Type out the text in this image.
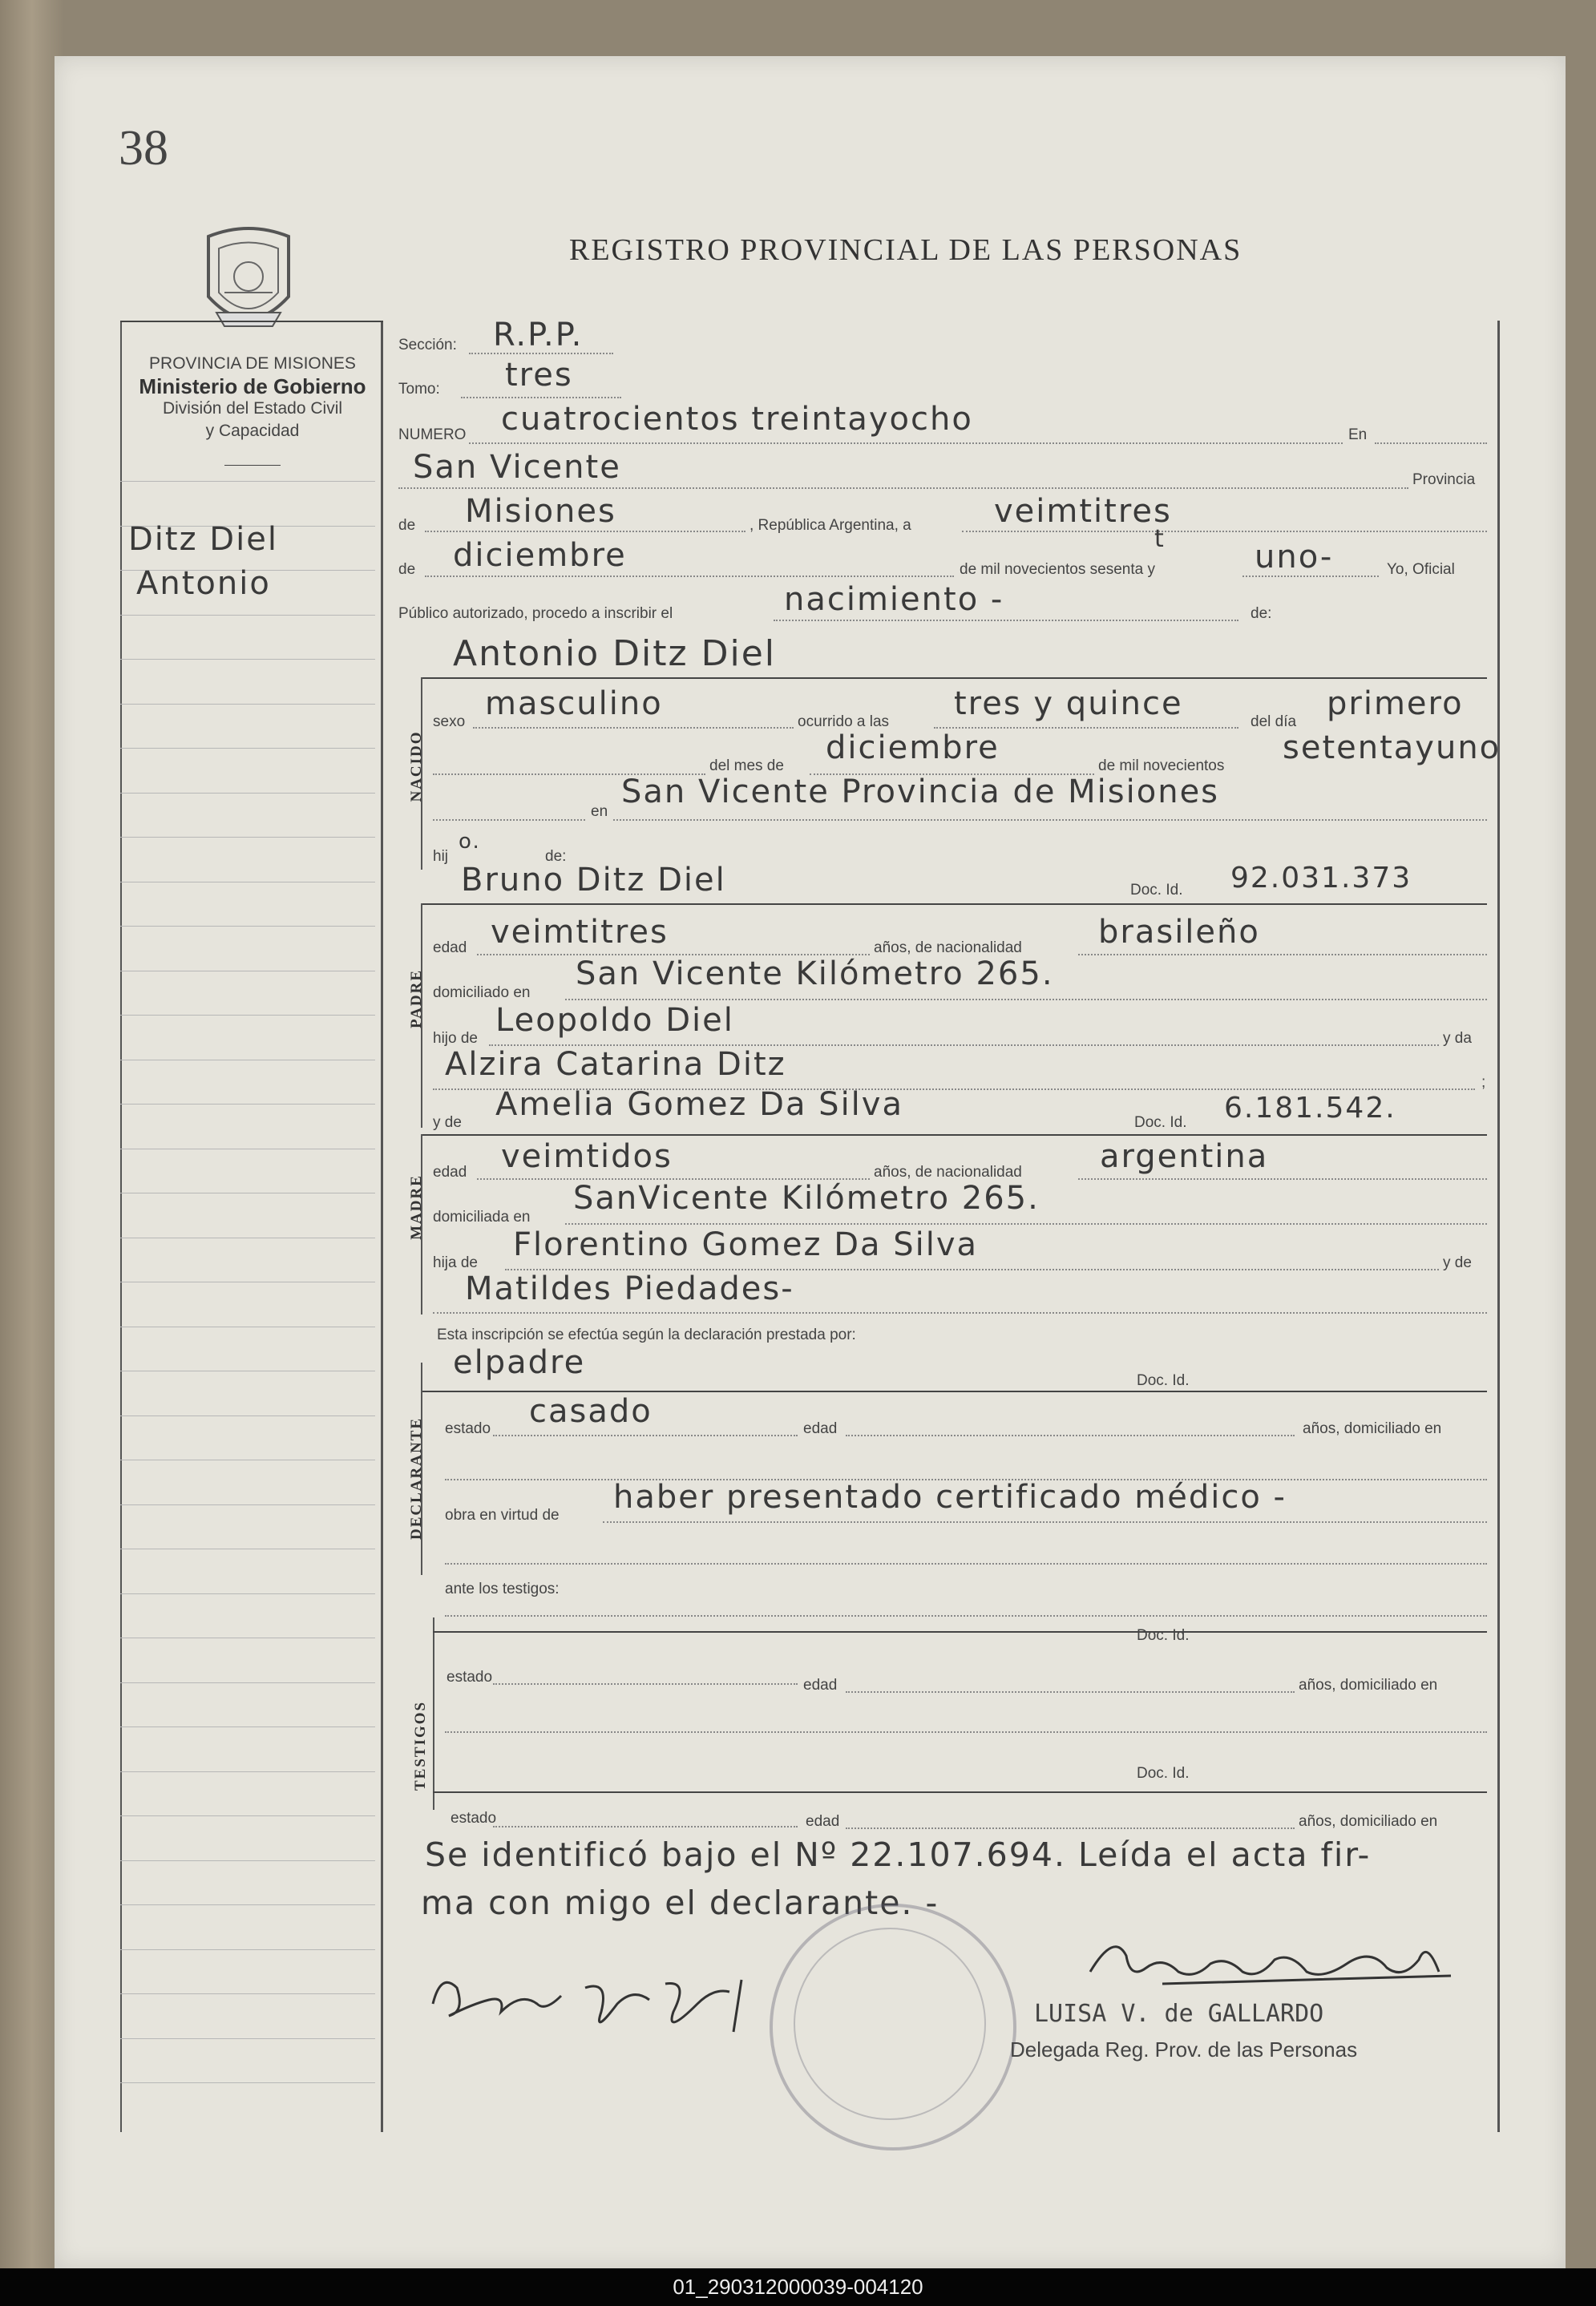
38
REGISTRO PROVINCIAL DE LAS PERSONAS
PROVINCIA DE MISIONES
Ministerio de Gobierno
División del Estado Civil
y Capacidad
Ditz Diel
Antonio
Sección: R.P.P.
Tomo: tres
NUMERO cuatrocientos treintayocho	En
San Vicente	Provincia
de Misiones	, República Argentina, a	veimtitres
de diciembre	de mil novecientos sesenta y
t	uno-	Yo, Oficial
Público autorizado, procedo a inscribir el	nacimiento -	de:
Antonio Ditz Diel
NACIDO
sexo masculino	ocurrido a las tres y quince	del día primero
del mes de diciembre	de mil novecientos setentayuno
en
San Vicente Provincia de Misiones
hij
o.
de:
Bruno Ditz Diel	Doc. Id. 92.031.373
PADRE
edad veimtitres	años, de nacionalidad brasileño
domiciliado en
San Vicente Kilómetro 265.
hijo de Leopoldo Diel	y da
Alzira Catarina Ditz	;
y de Amelia Gomez Da Silva	Doc. Id. 6.181.542.
MADRE
edad veimtidos	años, de nacionalidad argentina
domiciliada en
SanVicente Kilómetro 265.
hija de Florentino Gomez Da Silva	y de
Matildes Piedades-
Esta inscripción se efectúa según la declaración prestada por:
elpadre	Doc. Id.
DECLARANTE estado casado	edad	años, domiciliado en
obra en virtud de haber presentado certificado médico -
ante los testigos:
Doc. Id.
TESTIGOS
estado	edad	años, domiciliado en
Doc. Id.
estado	edad	años, domiciliado en
Se identificó bajo el Nº 22.107.694. Leída el acta fir-
ma con migo el declarante. -
LUISA V. de GALLARDO
Delegada Reg. Prov. de las Personas
01_290312000039-004120
